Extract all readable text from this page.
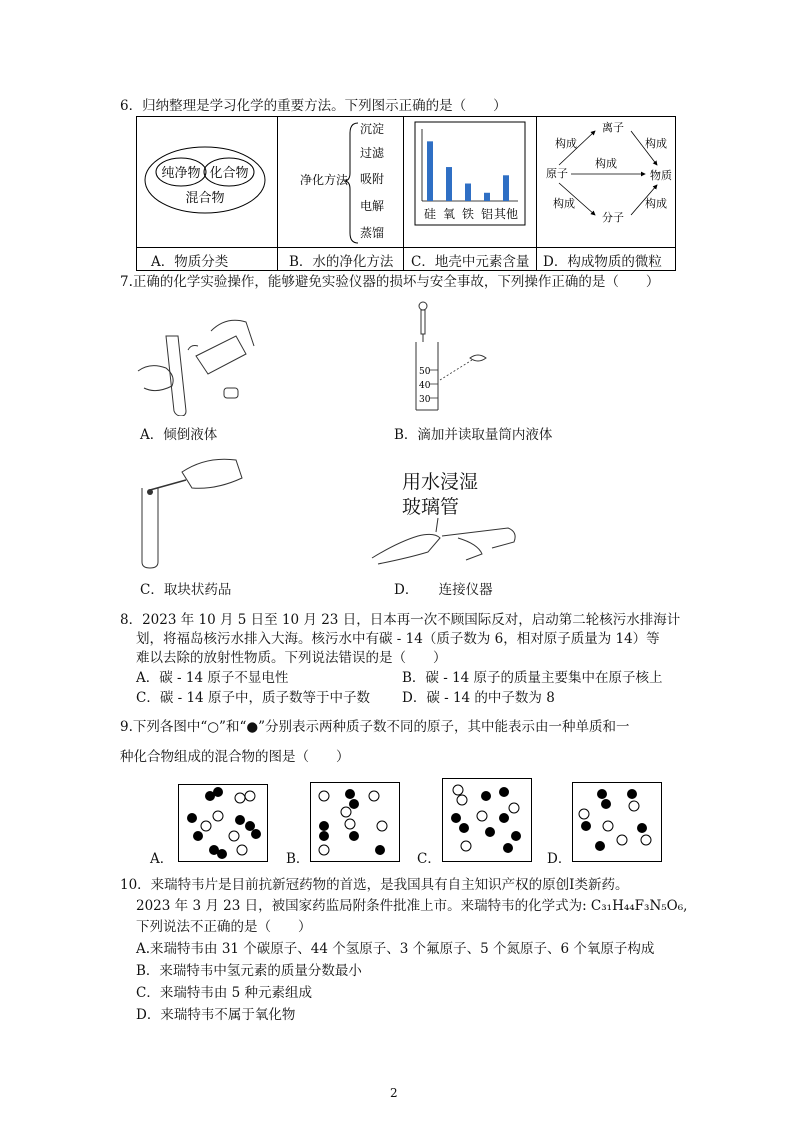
6．归纳整理是学习化学的重要方法。下列图示正确的是（　　）
纯净物 化合物
混合物
净化方法
沉淀
过滤
吸附
电解
蒸馏
硅 氧 铁 铝 其他
离子
原子	物质
分子
构成	构成
构成
构成	构成
A．物质分类	B．水的净化方法 C．地壳中元素含量 D．构成物质的微粒
7.正确的化学实验操作，能够避免实验仪器的损坏与安全事故，下列操作正确的是（　　）
A．倾倒液体
50
40
30
B．滴加并读取量筒内液体
C．取块状药品
用水浸湿
玻璃管
D．　　连接仪器
8．2023 年 10 月 5 日至 10 月 23 日，日本再一次不顾国际反对，启动第二轮核污水排海计
划，将福岛核污水排入大海。核污水中有碳 - 14（质子数为 6，相对原子质量为 14）等
难以去除的放射性物质。下列说法错误的是（　　）
A．碳 - 14 原子不显电性	B．碳 - 14 原子的质量主要集中在原子核上
C．碳 - 14 原子中，质子数等于中子数 D．碳 - 14 的中子数为 8
9.下列各图中“○”和“●”分别表示两种质子数不同的原子，其中能表示由一种单质和一
种化合物组成的混合物的图是（　　）
A．	B．	C．	D．
10．来瑞特韦片是目前抗新冠药物的首选，是我国具有自主知识产权的原创Ⅰ类新药。
2023 年 3 月 23 日，被国家药监局附条件批准上市。来瑞特韦的化学式为: C₃₁H₄₄F₃N₅O₆,
下列说法不正确的是（　　）
A.来瑞特韦由 31 个碳原子、44 个氢原子、3 个氟原子、5 个氮原子、6 个氧原子构成
B．来瑞特韦中氢元素的质量分数最小
C．来瑞特韦由 5 种元素组成
D．来瑞特韦不属于氧化物
2
